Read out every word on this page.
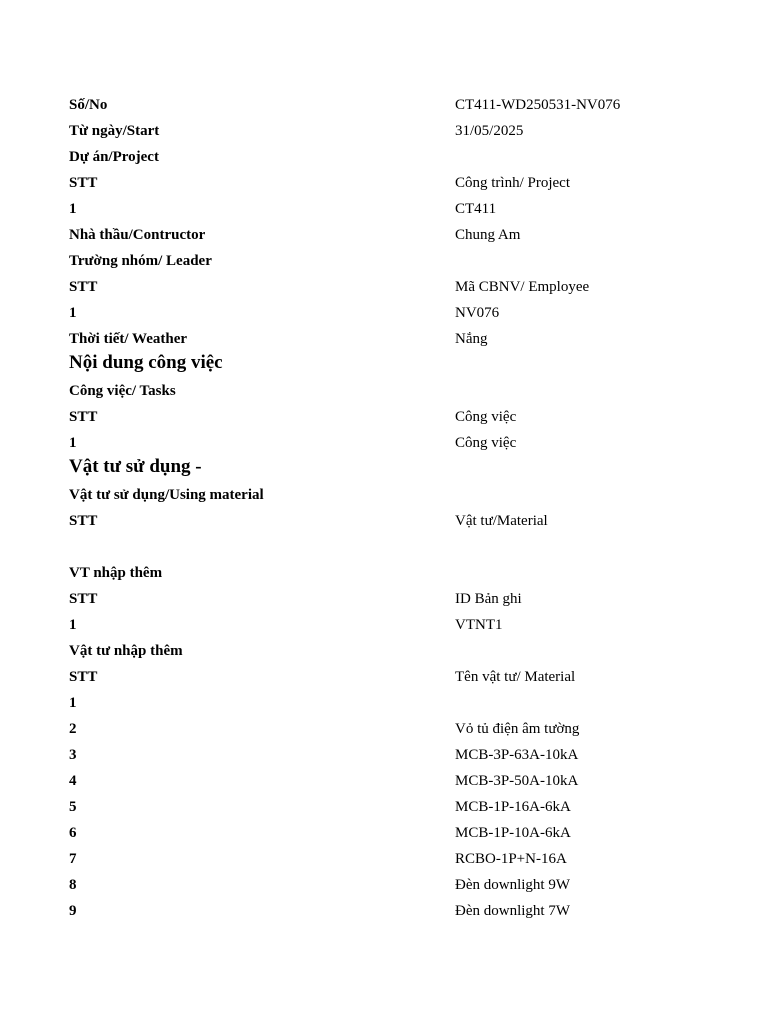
Số/No	CT411-WD250531-NV076
Từ ngày/Start	31/05/2025
Dự án/Project
STT	Công trình/ Project
1	CT411
Nhà thầu/Contructor	Chung Am
Trường nhóm/ Leader
STT	Mã CBNV/ Employee
1	NV076
Thời tiết/ Weather	Nắng
Nội dung công việc
Công việc/ Tasks
STT	Công việc
1	Công việc
Vật tư sử dụng -
Vật tư sử dụng/Using material
STT	Vật tư/Material
VT nhập thêm
STT	ID Bản ghi
1	VTNT1
Vật tư nhập thêm
STT	Tên vật tư/ Material
1
2	Vỏ tủ điện âm tường
3	MCB-3P-63A-10kA
4	MCB-3P-50A-10kA
5	MCB-1P-16A-6kA
6	MCB-1P-10A-6kA
7	RCBO-1P+N-16A
8	Đèn downlight 9W
9	Đèn downlight 7W
